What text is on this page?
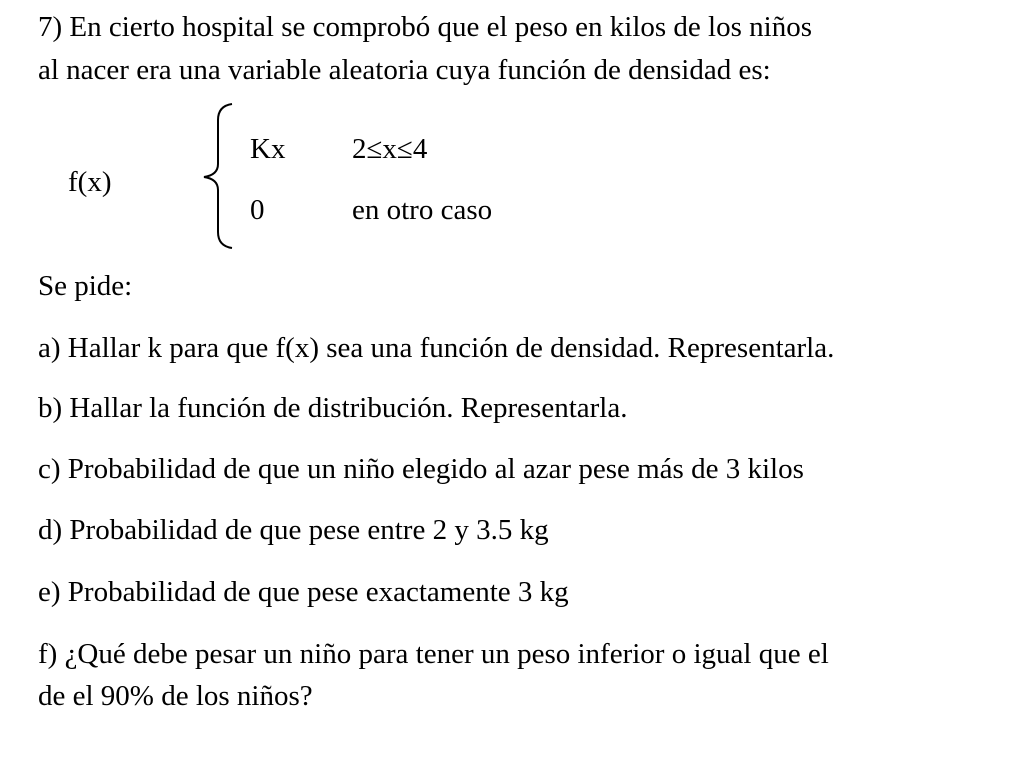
7) En cierto hospital se comprobó que el peso en kilos de los niños
al nacer era una variable aleatoria cuya función de densidad es:
f(x)
Kx 2≤x≤4
0	en otro caso
Se pide:
a) Hallar k para que f(x) sea una función de densidad. Representarla.
b) Hallar la función de distribución. Representarla.
c) Probabilidad de que un niño elegido al azar pese más de 3 kilos
d) Probabilidad de que pese entre 2 y 3.5 kg
e) Probabilidad de que pese exactamente 3 kg
f) ¿Qué debe pesar un niño para tener un peso inferior o igual que el
de el 90% de los niños?
